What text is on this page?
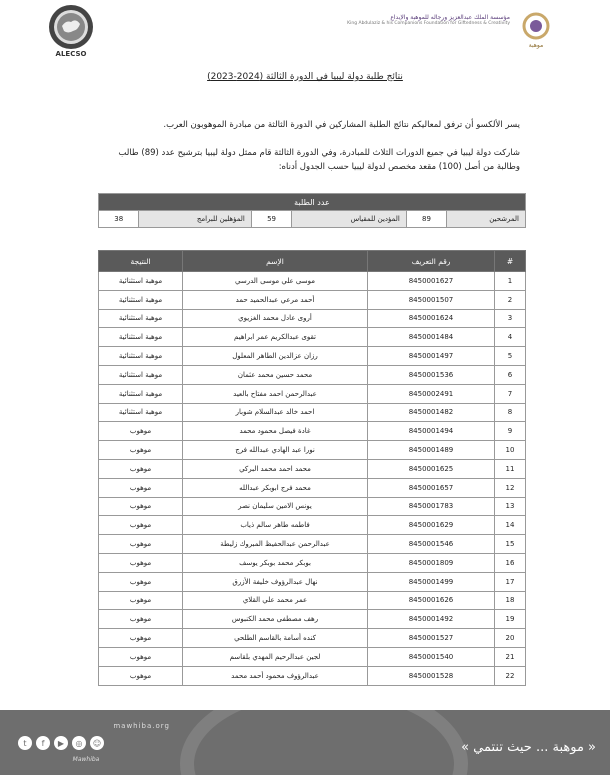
ALECSO
مؤسسة الملك عبدالعزيز ورجاله للموهبة والإبداع
King Abdulaziz & his Companions Foundation for Giftedness & Creativity
موهبة
نتائج طلبة دولة ليبيا في الدورة الثالثة (2024-2023)
يسر الألكسو أن ترفق لمعاليكم نتائج الطلبة المشاركين في الدورة الثالثة من مبادرة الموهوبون العرب.
شاركت دولة ليبيا في جميع الدورات الثلاث للمبادرة، وفي الدورة الثالثة قام ممثل دولة ليبيا بترشيح عدد (89) طالب وطالبة من أصل (100) مقعد مخصص لدولة ليبيا حسب الجدول أدناه:
عدد الطلبة
المرشحين	89	المؤدين للمقياس	59	المؤهلين للبرامج	38
#	رقم التعريف	الإسم	النتيجة
1	8450001627	موسى علي موسى الدرسي	موهبة استثنائية
2	8450001507	أحمد مرعي عبدالحميد حمد	موهبة استثنائية
3	8450001624	أروى عادل محمد الغزيوي	موهبة استثنائية
4	8450001484	تقوى عبدالكريم عمر ابراهيم	موهبة استثنائية
5	8450001497	رزان عزالدين الطاهر المعلول	موهبة استثنائية
6	8450001536	محمد حسين محمد عثمان	موهبة استثنائية
7	8450002491	عبدالرحمن احمد مفتاح بالعيد	موهبة استثنائية
8	8450001482	احمد خالد عبدالسلام شوبار	موهبة استثنائية
9	8450001494	غادة فيصل محمود محمد	موهوب
10	8450001489	نورا عبد الهادي عبدالله فرج	موهوب
11	8450001625	محمد احمد محمد البركي	موهوب
12	8450001657	محمد فرج ابوبكر عبدالله	موهوب
13	8450001783	يونس الامين سليمان نصر	موهوب
14	8450001629	فاطمه طاهر سالم ذياب	موهوب
15	8450001546	عبدالرحمن عبدالحفيظ المبروك زليطة	موهوب
16	8450001809	بوبكر محمد بوبكر يوسف	موهوب
17	8450001499	نهال عبدالرؤوف خليفة الأزرق	موهوب
18	8450001626	عمر محمد علي القلاي	موهوب
19	8450001492	رهف مصطفى محمد الكنبوس	موهوب
20	8450001527	كنده أسامة بالقاسم الطلحي	موهوب
21	8450001540	لجين عبدالرحيم المهدي بلقاسم	موهوب
22	8450001528	عبدالرؤوف محمود أحمد محمد	موهوب
mawhiba.org
t	f	▶	◎	☺
Mawhiba
« موهبة ... حيث تنتمي »
